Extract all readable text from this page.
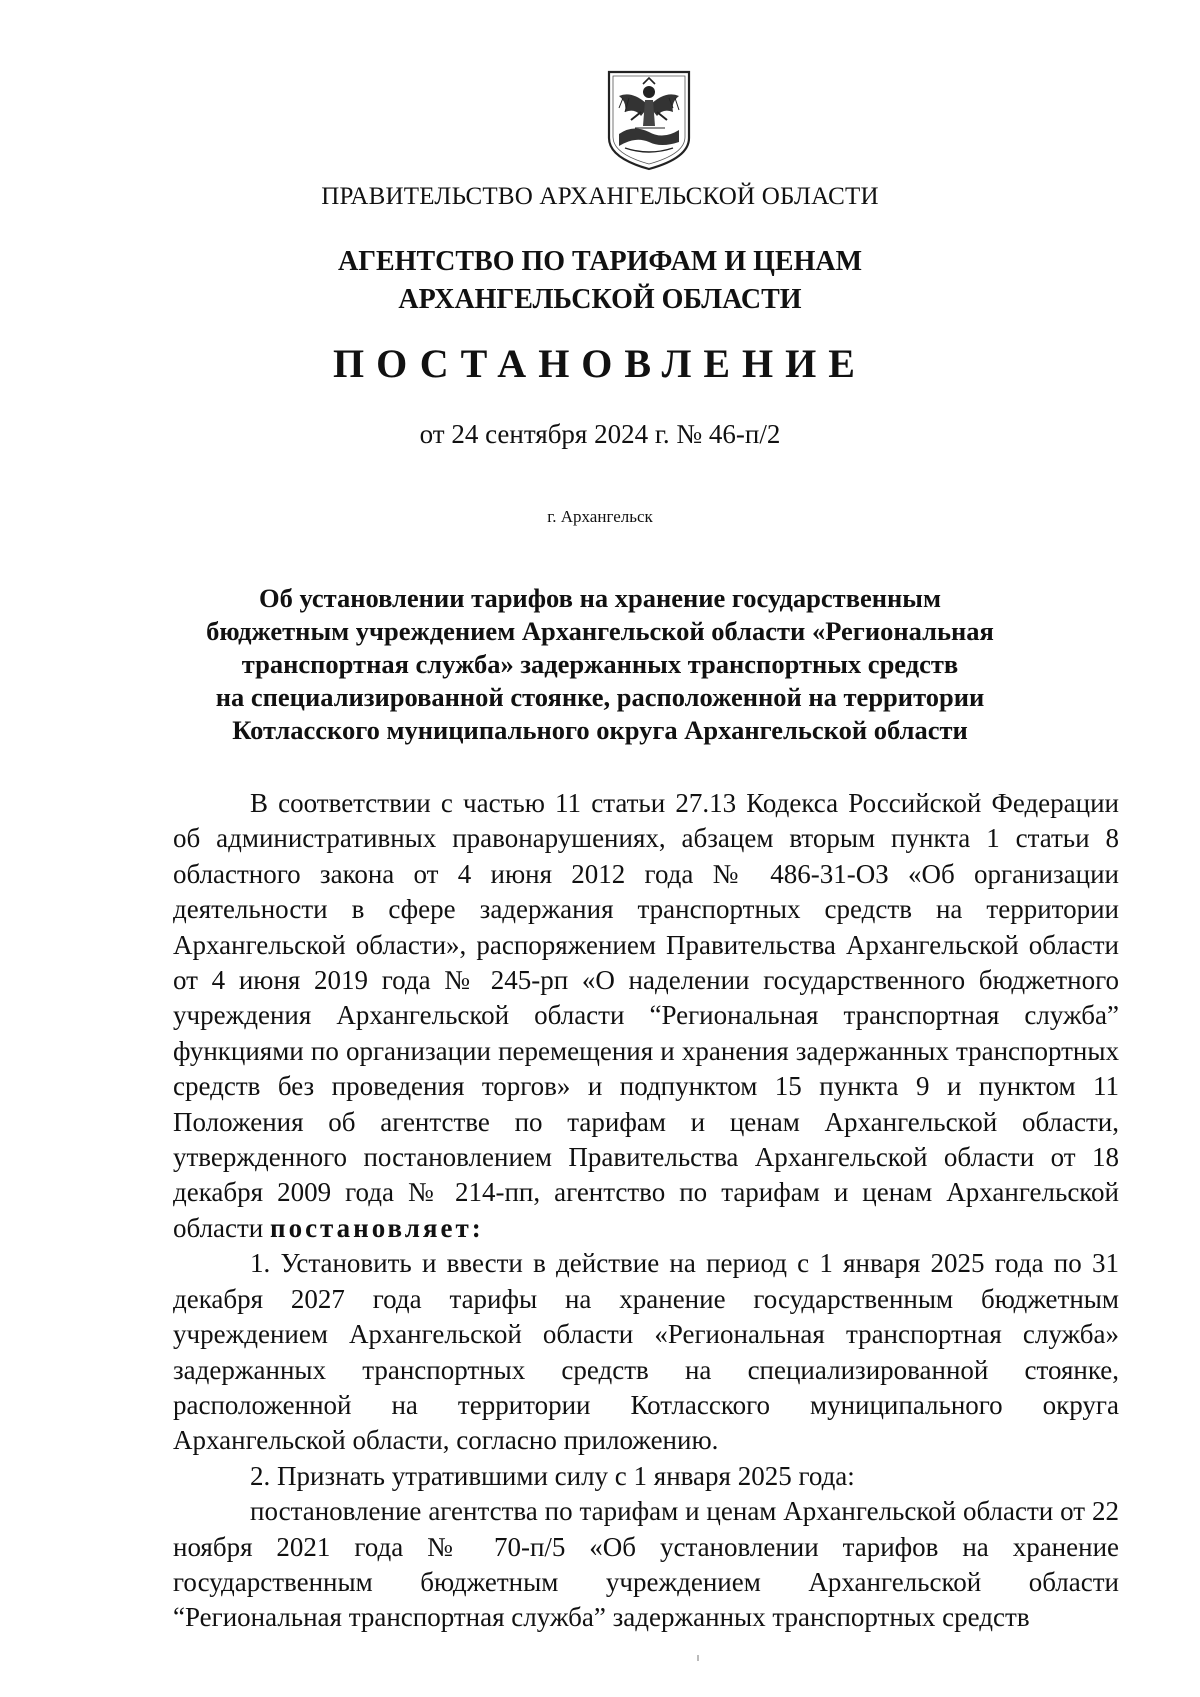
ПРАВИТЕЛЬСТВО АРХАНГЕЛЬСКОЙ ОБЛАСТИ
АГЕНТСТВО ПО ТАРИФАМ И ЦЕНАМ
АРХАНГЕЛЬСКОЙ ОБЛАСТИ
ПОСТАНОВЛЕНИЕ
от 24 сентября 2024 г. № 46-п/2
г. Архангельск
Об установлении тарифов на хранение государственным
бюджетным учреждением Архангельской области «Региональная
транспортная служба» задержанных транспортных средств
на специализированной стоянке, расположенной на территории
Котласского муниципального округа Архангельской области

В соответствии с частью 11 статьи 27.13 Кодекса Российской Федерации об административных правонарушениях, абзацем вторым пункта 1 статьи 8 областного закона от 4 июня 2012 года № 486-31-ОЗ «Об организации деятельности в сфере задержания транспортных средств на территории Архангельской области», распоряжением Правительства Архангельской области от 4 июня 2019 года № 245-рп «О наделении государственного бюджетного учреждения Архангельской области “Региональная транспортная служба” функциями по организации перемещения и хранения задержанных транспортных средств без проведения торгов» и подпунктом 15 пункта 9 и пунктом 11 Положения об агентстве по тарифам и ценам Архангельской области, утвержденного постановлением Правительства Архангельской области от 18 декабря 2009 года № 214-пп, агентство по тарифам и ценам Архангельской области постановляет:

1. Установить и ввести в действие на период с 1 января 2025 года по 31 декабря 2027 года тарифы на хранение государственным бюджетным учреждением Архангельской области «Региональная транспортная служба» задержанных транспортных средств на специализированной стоянке, расположенной на территории Котласского муниципального округа Архангельской области, согласно приложению.

2. Признать утратившими силу с 1 января 2025 года:

постановление агентства по тарифам и ценам Архангельской области от 22 ноября 2021 года № 70-п/5 «Об установлении тарифов на хранение государственным бюджетным учреждением Архангельской области “Региональная транспортная служба” задержанных транспортных средств
